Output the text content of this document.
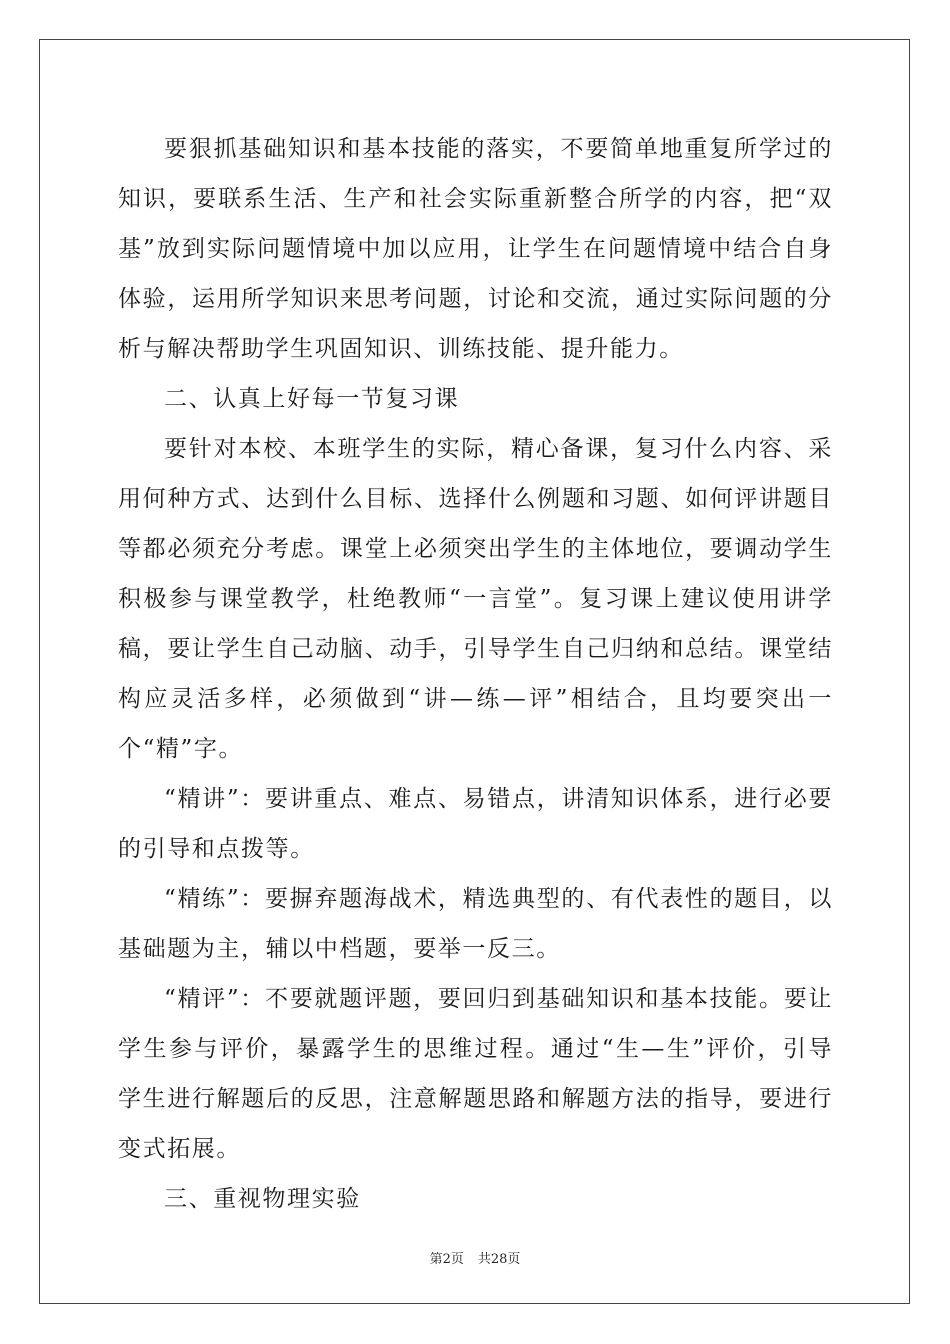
要狠抓基础知识和基本技能的落实，不要简单地重复所学过的知识，要联系生活、生产和社会实际重新整合所学的内容，把“双基”放到实际问题情境中加以应用，让学生在问题情境中结合自身体验，运用所学知识来思考问题，讨论和交流，通过实际问题的分析与解决帮助学生巩固知识、训练技能、提升能力。

二、认真上好每一节复习课

要针对本校、本班学生的实际，精心备课，复习什么内容、采用何种方式、达到什么目标、选择什么例题和习题、如何评讲题目等都必须充分考虑。课堂上必须突出学生的主体地位，要调动学生积极参与课堂教学，杜绝教师“一言堂”。复习课上建议使用讲学稿，要让学生自己动脑、动手，引导学生自己归纳和总结。课堂结构应灵活多样，必须做到“讲—练—评”相结合，且均要突出一个“精”字。

“精讲”：要讲重点、难点、易错点，讲清知识体系，进行必要的引导和点拨等。

“精练”：要摒弃题海战术，精选典型的、有代表性的题目，以基础题为主，辅以中档题，要举一反三。

“精评”：不要就题评题，要回归到基础知识和基本技能。要让学生参与评价，暴露学生的思维过程。通过“生—生”评价，引导学生进行解题后的反思，注意解题思路和解题方法的指导，要进行变式拓展。

三、重视物理实验

第2页 共28页
